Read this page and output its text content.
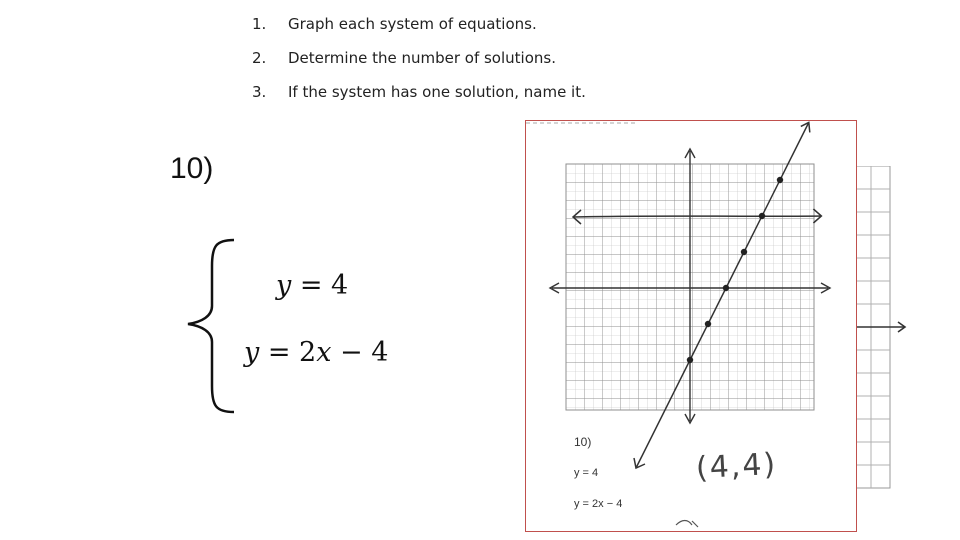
1. Graph each system of equations.
2. Determine the number of solutions.
3. If the system has one solution, name it.
10)
𝑦 = 4
𝑦 = 2𝑥 − 4
10)
y = 4
y = 2x − 4
(4,4)
